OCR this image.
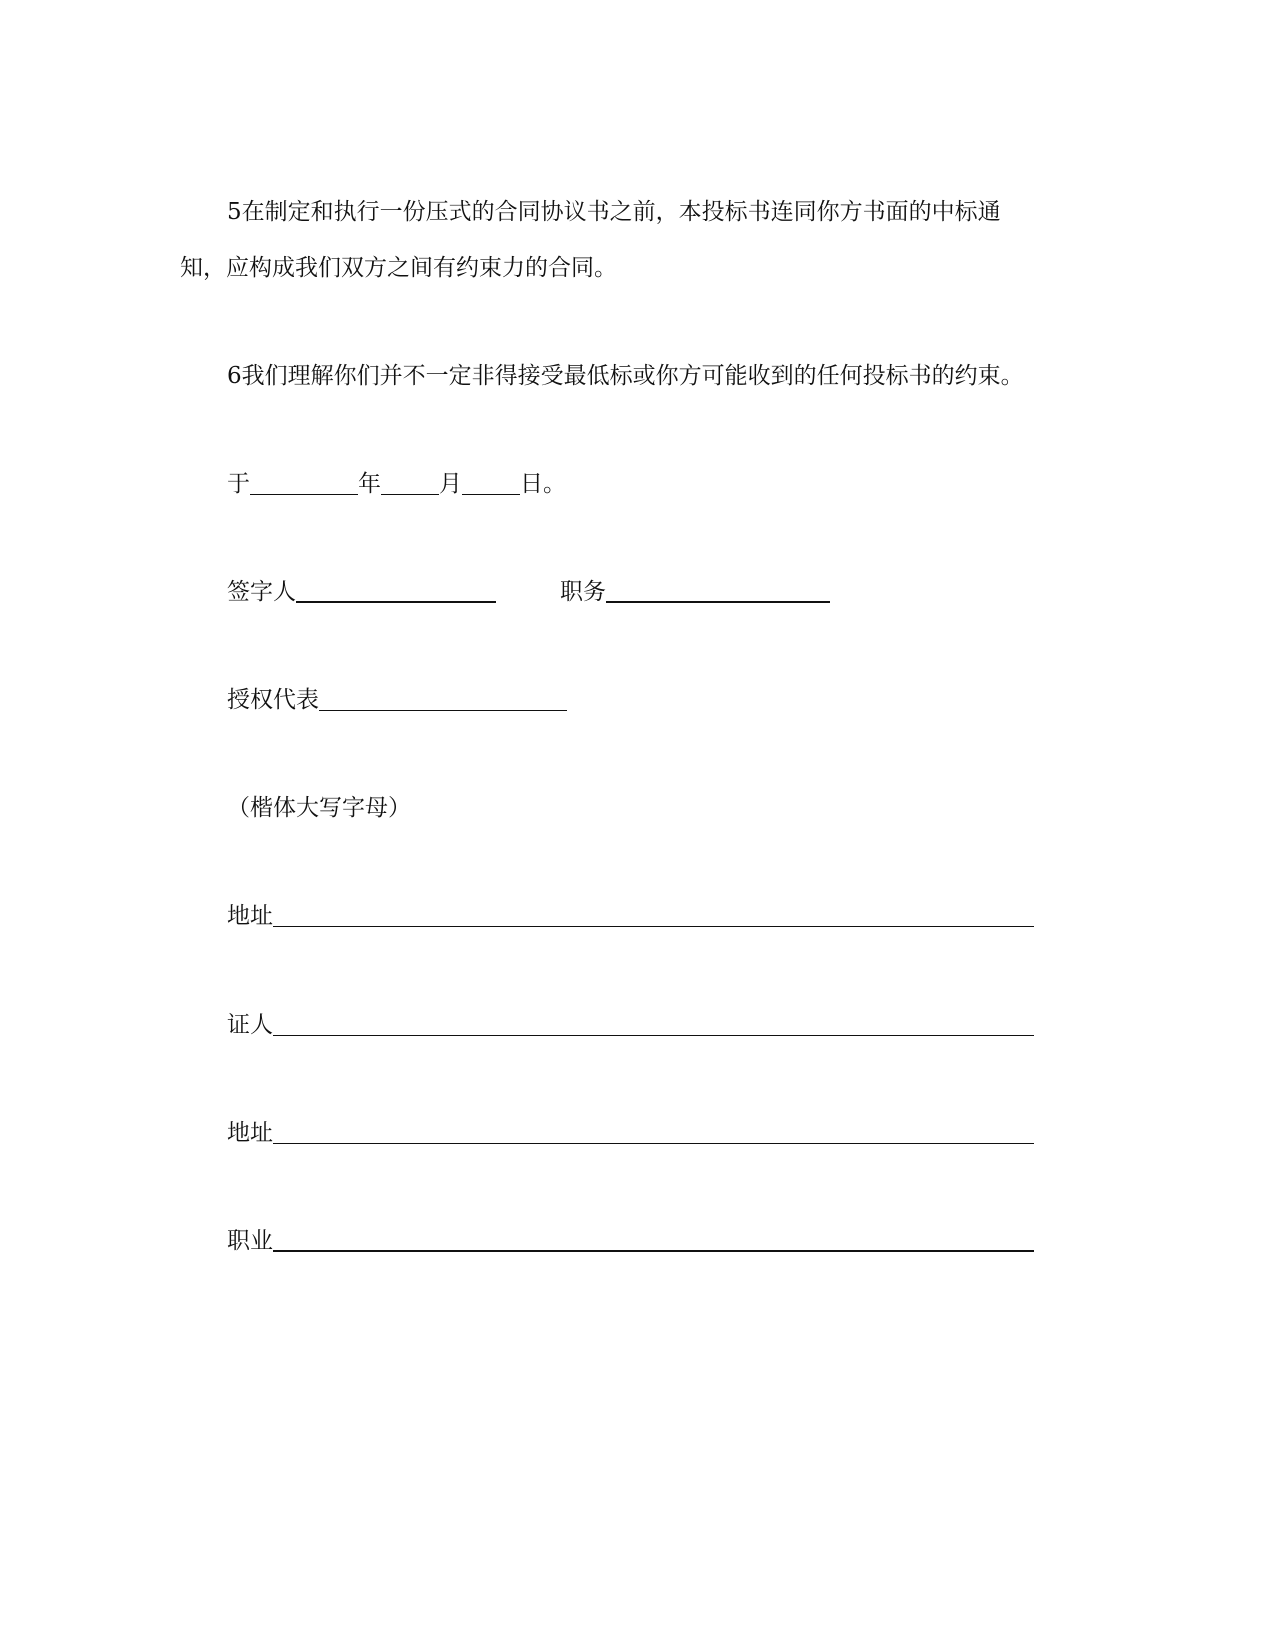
5在制定和执行一份压式的合同协议书之前，本投标书连同你方书面的中标通
知，应构成我们双方之间有约束力的合同。
6我们理解你们并不一定非得接受最低标或你方可能收到的任何投标书的约束。
于	年	月	日。
签字人	职务
授权代表
（楷体大写字母）
地址
证人
地址
职业
